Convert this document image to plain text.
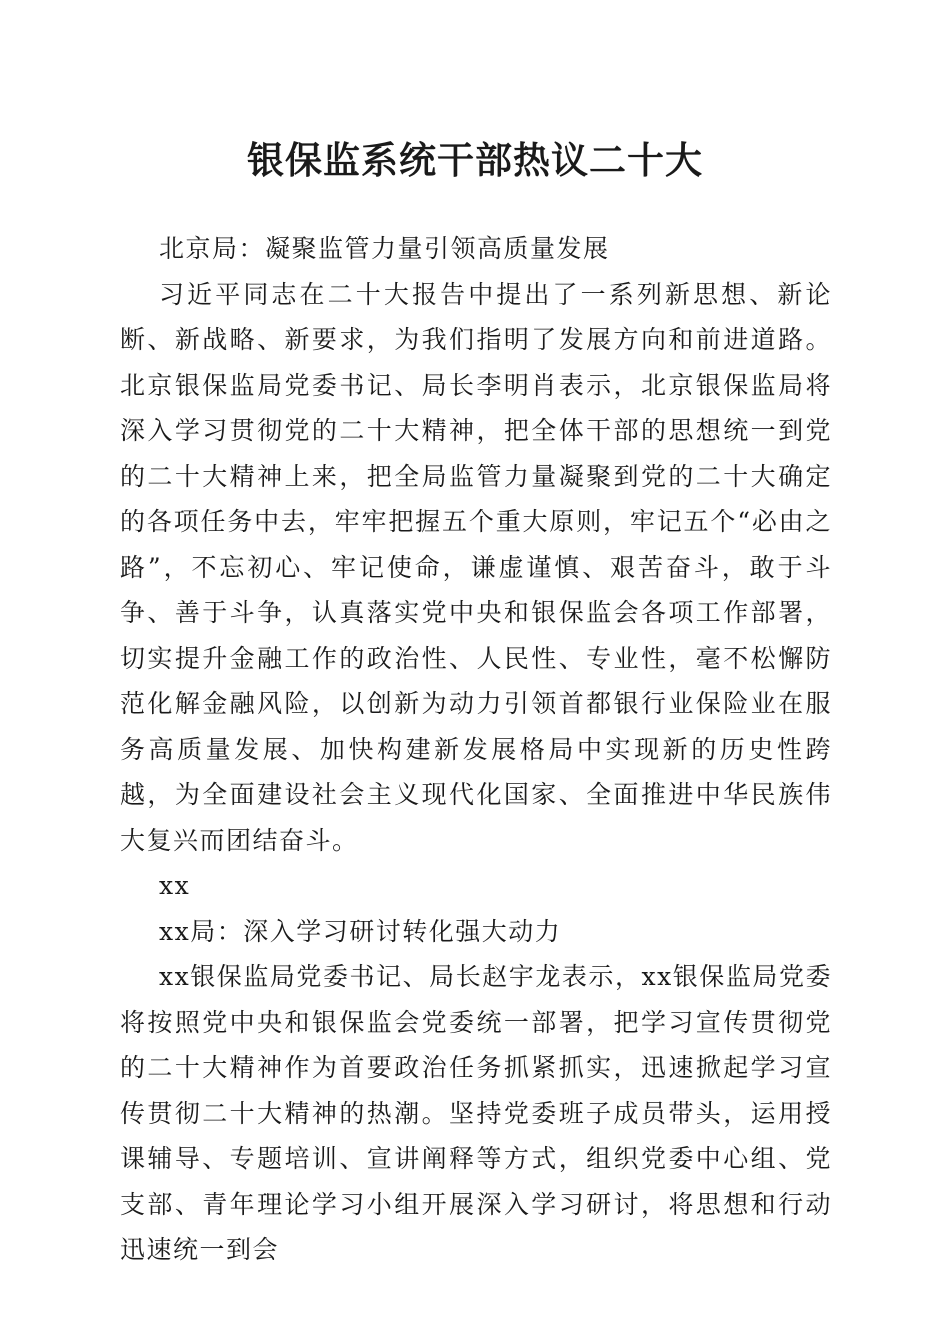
银保监系统干部热议二十大

北京局：凝聚监管力量引领高质量发展

习近平同志在二十大报告中提出了一系列新思想、新论断、新战略、新要求，为我们指明了发展方向和前进道路。北京银保监局党委书记、局长李明肖表示，北京银保监局将深入学习贯彻党的二十大精神，把全体干部的思想统一到党的二十大精神上来，把全局监管力量凝聚到党的二十大确定的各项任务中去，牢牢把握五个重大原则，牢记五个“必由之路”，不忘初心、牢记使命，谦虚谨慎、艰苦奋斗，敢于斗争、善于斗争，认真落实党中央和银保监会各项工作部署，切实提升金融工作的政治性、人民性、专业性，毫不松懈防范化解金融风险，以创新为动力引领首都银行业保险业在服务高质量发展、加快构建新发展格局中实现新的历史性跨越，为全面建设社会主义现代化国家、全面推进中华民族伟大复兴而团结奋斗。

xx

xx局：深入学习研讨转化强大动力

xx银保监局党委书记、局长赵宇龙表示，xx银保监局党委将按照党中央和银保监会党委统一部署，把学习宣传贯彻党的二十大精神作为首要政治任务抓紧抓实，迅速掀起学习宣传贯彻二十大精神的热潮。坚持党委班子成员带头，运用授课辅导、专题培训、宣讲阐释等方式，组织党委中心组、党支部、青年理论学习小组开展深入学习研讨，将思想和行动迅速统一到会
